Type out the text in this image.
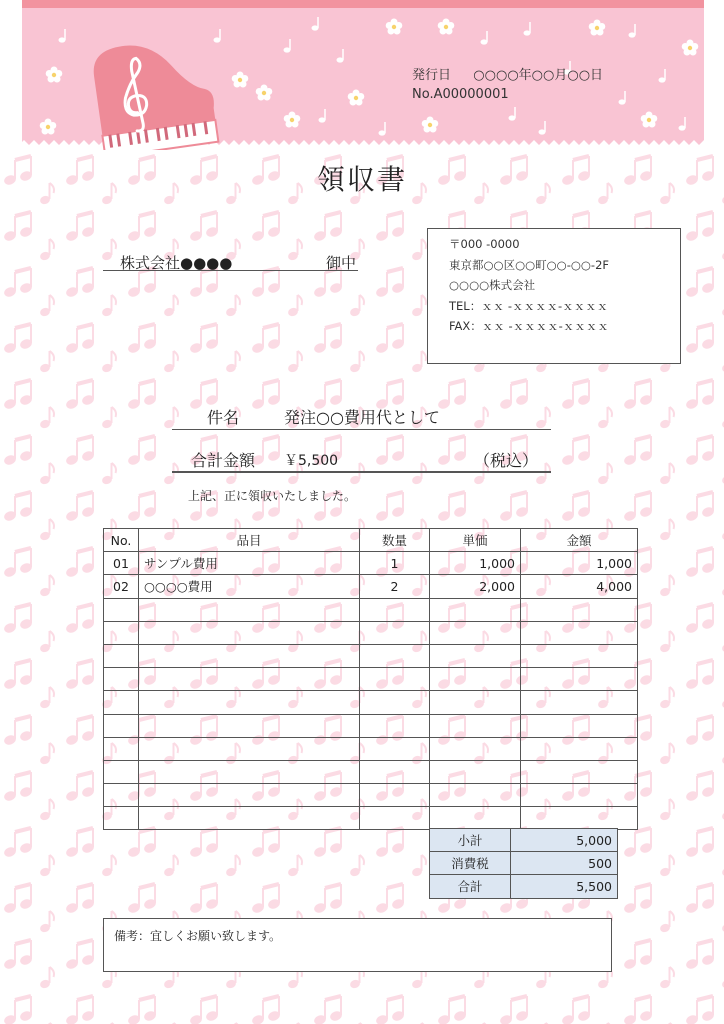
発行日 ○○○○年○○月○○日
No.A00000001
領収書
株式会社●●●●	御中
〒000 -0000
東京都○○区○○町○○-○○-2F
○○○○株式会社
TEL：ｘｘ -ｘｘｘｘ-ｘｘｘｘ
FAX：ｘｘ -ｘｘｘｘ-ｘｘｘｘ
件名	発注○○費用代として
合計金額 ￥5,500	（税込）
上記、正に領収いたしました。
No.	品目	数量	単価	金額
01	サンプル費用	1	1,000	1,000
02	○○○○費用	2	2,000	4,000

小計	5,000
消費税	500
合計	5,500
備考：宜しくお願い致します。
